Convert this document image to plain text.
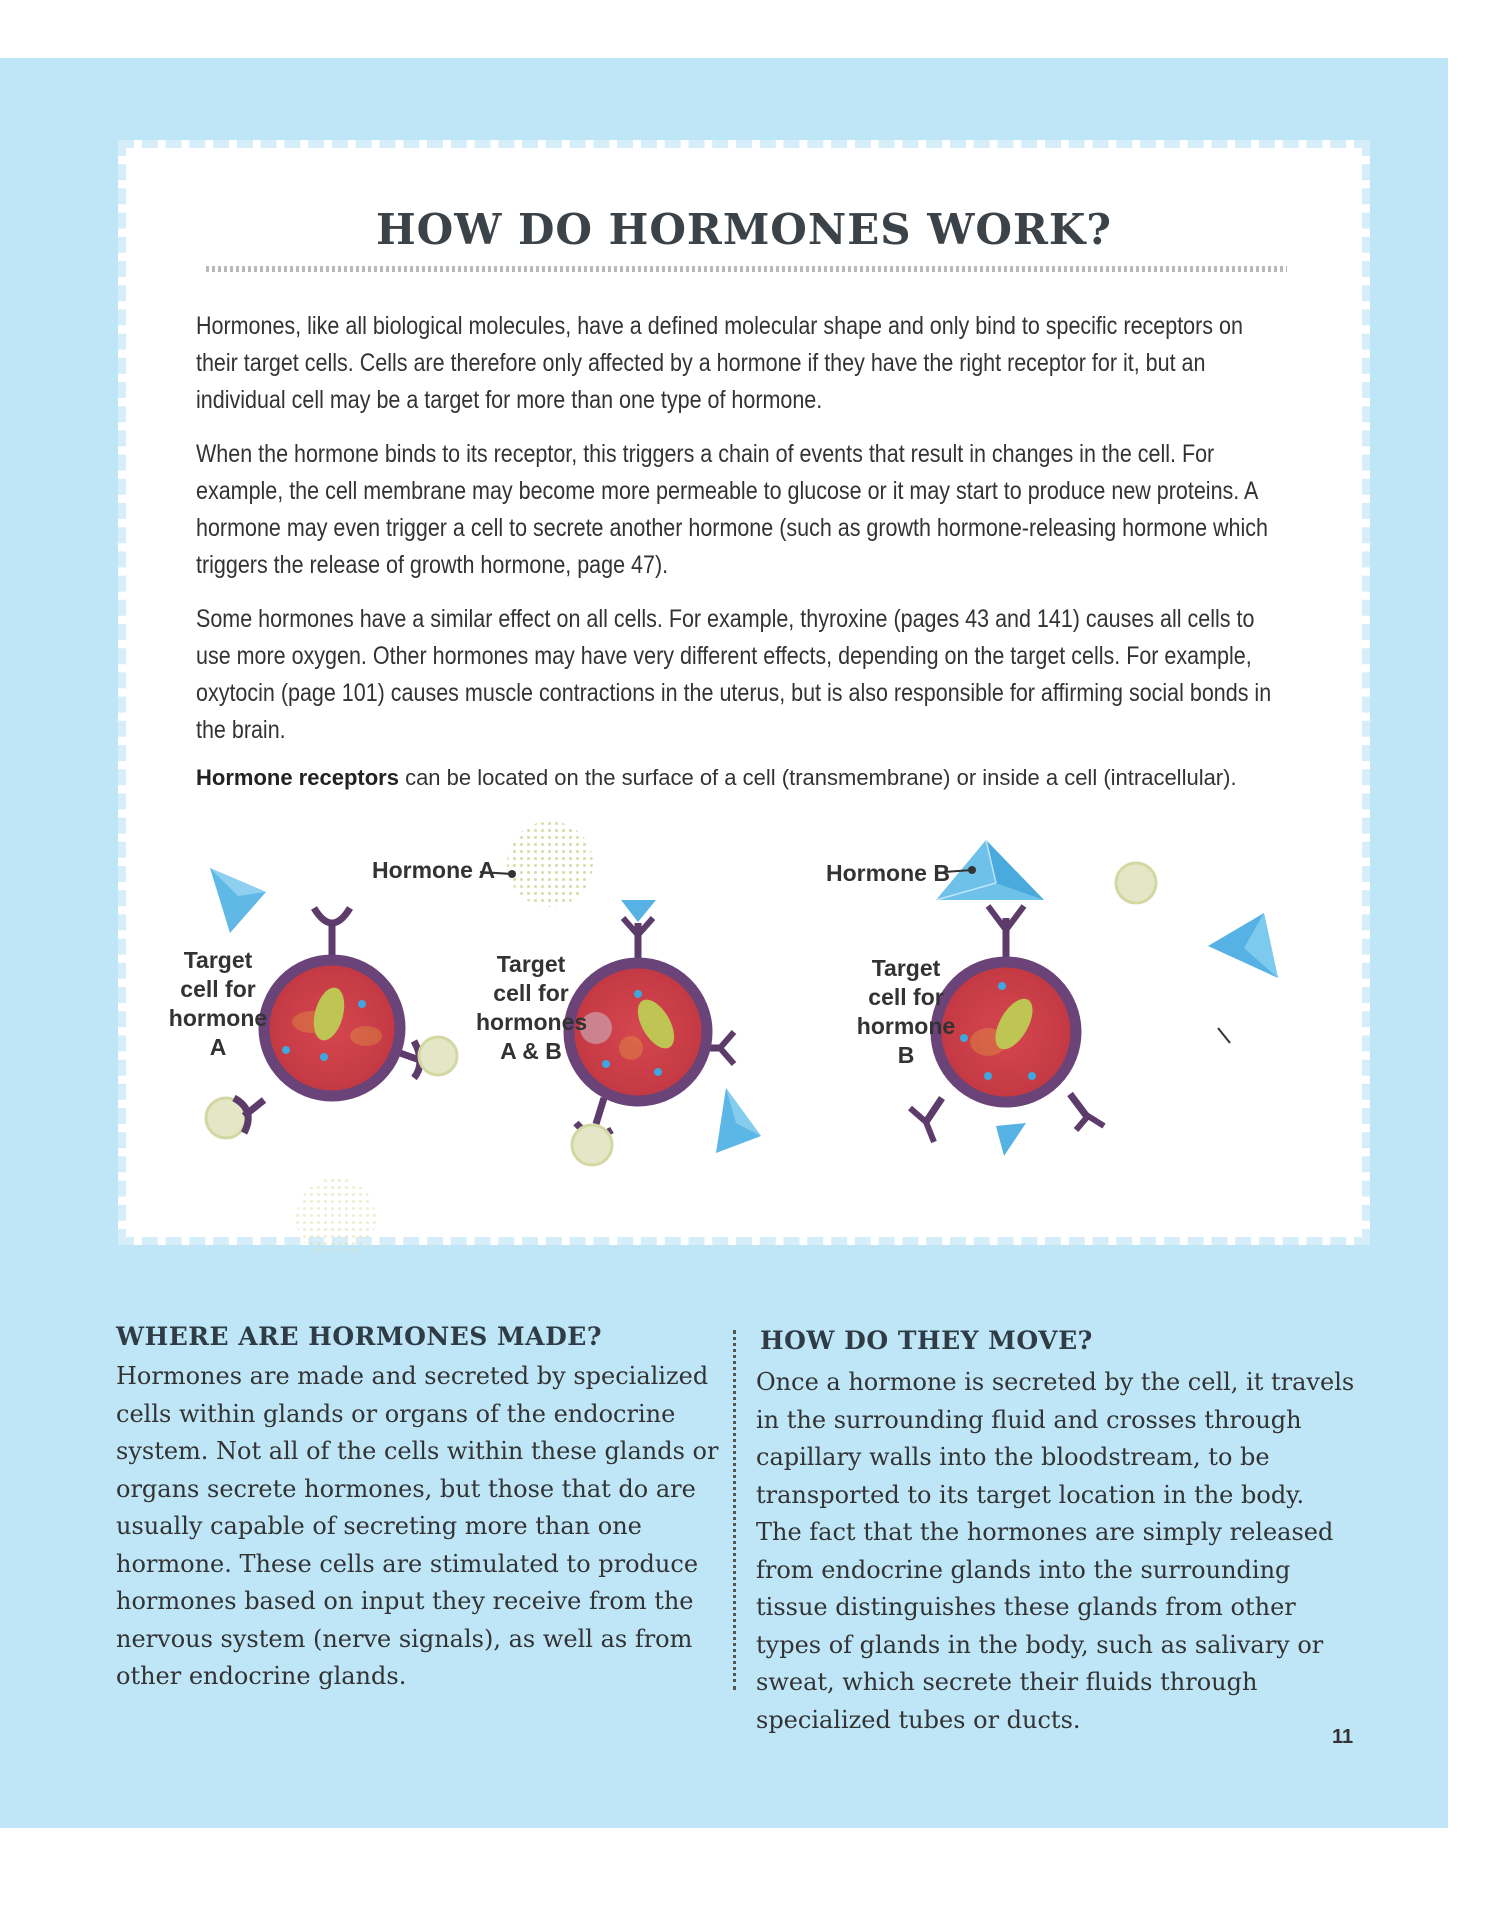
HOW DO HORMONES WORK?

Hormones, like all biological molecules, have a defined molecular shape and only bind to specific receptors on their target cells. Cells are therefore only affected by a hormone if they have the right receptor for it, but an individual cell may be a target for more than one type of hormone.

When the hormone binds to its receptor, this triggers a chain of events that result in changes in the cell. For example, the cell membrane may become more permeable to glucose or it may start to produce new proteins. A hormone may even trigger a cell to secrete another hormone (such as growth hormone-releasing hormone which triggers the release of growth hormone, page 47).

Some hormones have a similar effect on all cells. For example, thyroxine (pages 43 and 141) causes all cells to use more oxygen. Other hormones may have very different effects, depending on the target cells. For example, oxytocin (page 101) causes muscle contractions in the uterus, but is also responsible for affirming social bonds in the brain.

Hormone receptors can be located on the surface of a cell (transmembrane) or inside a cell (intracellular).

Hormone A	Hormone B

Target cell for hormone A

Target cell for hormones A & B

Target cell for hormone B

WHERE ARE HORMONES MADE?

Hormones are made and secreted by specialized cells within glands or organs of the endocrine system. Not all of the cells within these glands or organs secrete hormones, but those that do are usually capable of secreting more than one hormone. These cells are stimulated to produce hormones based on input they receive from the nervous system (nerve signals), as well as from other endocrine glands.

HOW DO THEY MOVE?

Once a hormone is secreted by the cell, it travels in the surrounding fluid and crosses through capillary walls into the bloodstream, to be transported to its target location in the body. The fact that the hormones are simply released from endocrine glands into the surrounding tissue distinguishes these glands from other types of glands in the body, such as salivary or sweat, which secrete their fluids through specialized tubes or ducts.

11
